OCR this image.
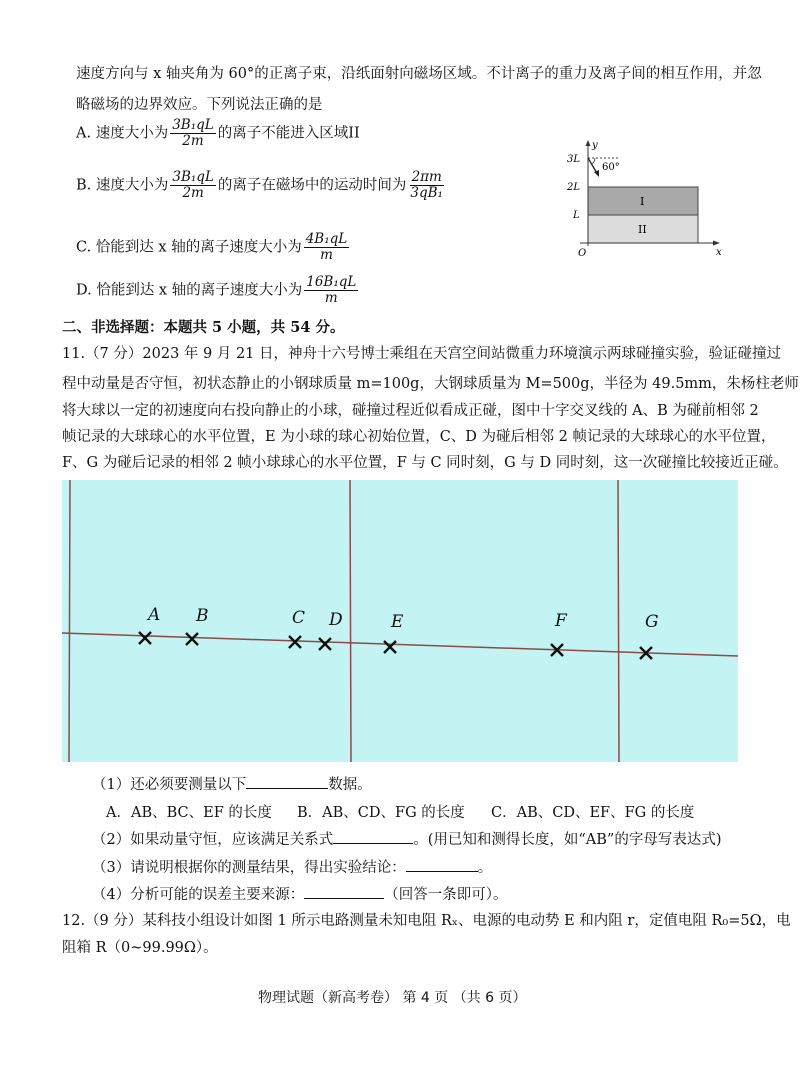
速度方向与 x 轴夹角为 60°的正离子束，沿纸面射向磁场区域。不计离子的重力及离子间的相互作用，并忽
略磁场的边界效应。下列说法正确的是
A. 速度大小为 $\frac{\text{3B₁qL}}{2m}$ 的离子不能进入区域II
B. 速度大小为 $\frac{\text{3B₁qL}}{2m}$ 的离子在磁场中的运动时间为 $\frac{2\pi m}{\text{3qB₁}}$
C. 恰能到达 x 轴的离子速度大小为 $\frac{\text{4B₁qL}}{m}$
D. 恰能到达 x 轴的离子速度大小为 $\frac{\text{16B₁qL}}{m}$
y
x
O
3L
2L
L
60°
I
II
二、非选择题：本题共 5 小题，共 54 分。
11.（7 分）2023 年 9 月 21 日，神舟十六号博士乘组在天宫空间站微重力环境演示两球碰撞实验，验证碰撞过
程中动量是否守恒，初状态静止的小钢球质量 m=100g，大钢球质量为 M=500g，半径为 49.5mm，朱杨柱老师
将大球以一定的初速度向右投向静止的小球，碰撞过程近似看成正碰，图中十字交叉线的 A、B 为碰前相邻 2
帧记录的大球球心的水平位置，E 为小球的球心初始位置，C、D 为碰后相邻 2 帧记录的大球球心的水平位置，
F、G 为碰后记录的相邻 2 帧小球球心的水平位置，F 与 C 同时刻，G 与 D 同时刻，这一次碰撞比较接近正碰。
A B	C D	E	F	G
（1）还必须要测量以下	数据。
A．AB、BC、EF 的长度 B．AB、CD、FG 的长度 C．AB、CD、EF、FG 的长度
（2）如果动量守恒，应该满足关系式	。(用已知和测得长度，如“AB”的字母写表达式)
（3）请说明根据你的测量结果，得出实验结论：	。
（4）分析可能的误差主要来源：	（回答一条即可）。
12.（9 分）某科技小组设计如图 1 所示电路测量未知电阻 Rₓ、电源的电动势 E 和内阻 r，定值电阻 R₀=5Ω，电
阻箱 R（0~99.99Ω）。
物理试题（新高考卷） 第 4 页 （共 6 页）
